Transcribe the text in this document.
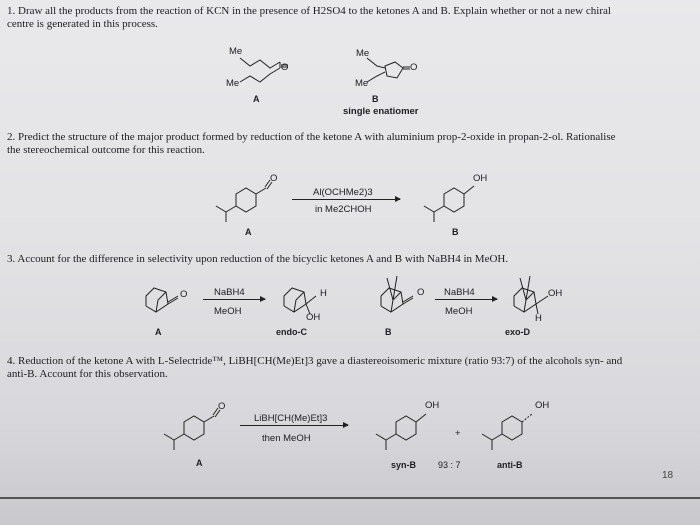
1. Draw all the products from the reaction of KCN in the presence of H2SO4 to the ketones A and B. Explain whether or not a new chiral
centre is generated in this process.
Me
Me
O
A
Me
Me
O
B
single enatiomer
2. Predict the structure of the major product formed by reduction of the ketone A with aluminium prop-2-oxide in propan-2-ol. Rationalise
the stereochemical outcome for this reaction.
O
A
Al(OCHMe2)3
in Me2CHOH
OH
B
3. Account for the difference in selectivity upon reduction of the bicyclic ketones A and B with NaBH4 in MeOH.
O
A
NaBH4
MeOH
H
OH
endo-C
O
B
NaBH4
MeOH
OH
H
exo-D
4. Reduction of the ketone A with L-Selectride™, LiBH[CH(Me)Et]3 gave a diastereoisomeric mixture (ratio 93:7) of the alcohols syn- and
anti-B. Account for this observation.
O
A
LiBH[CH(Me)Et]3
then MeOH
OH
+
OH
syn-B 93 : 7	anti-B
18
